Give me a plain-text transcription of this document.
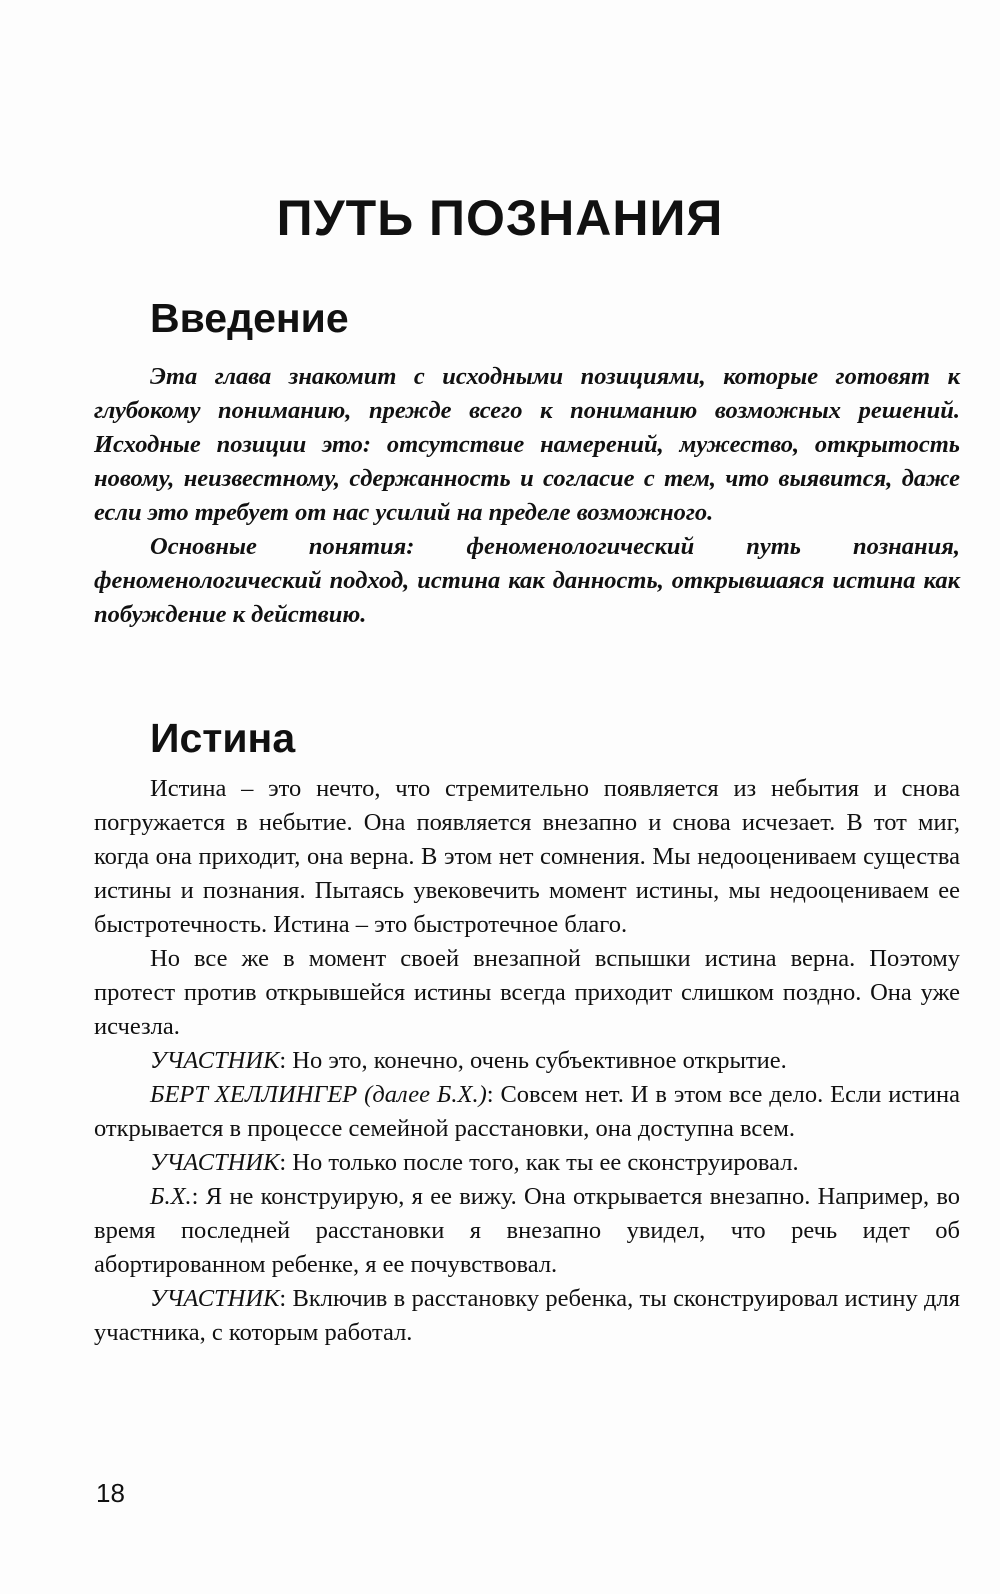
ПУТЬ ПОЗНАНИЯ
Введение

Эта глава знакомит с исходными позициями, которые готовят к глубокому пониманию, прежде всего к пониманию возможных решений. Исходные позиции это: отсутствие намерений, мужество, открытость новому, неизвестному, сдержанность и согласие с тем, что выявится, даже если это требует от нас усилий на пределе возможного.

Основные понятия: феноменологический путь познания, феноменологический подход, истина как данность, открывшаяся истина как побуждение к действию.

Истина

Истина – это нечто, что стремительно появляется из небытия и снова погружается в небытие. Она появляется внезапно и снова исчезает. В тот миг, когда она приходит, она верна. В этом нет сомнения. Мы недооцениваем существа истины и познания. Пытаясь увековечить момент истины, мы недооцениваем ее быстротечность. Истина – это быстротечное благо.

Но все же в момент своей внезапной вспышки истина верна. Поэтому протест против открывшейся истины всегда приходит слишком поздно. Она уже исчезла.

УЧАСТНИК: Но это, конечно, очень субъективное открытие.

БЕРТ ХЕЛЛИНГЕР (далее Б.Х.): Совсем нет. И в этом все дело. Если истина открывается в процессе семейной расстановки, она доступна всем.

УЧАСТНИК: Но только после того, как ты ее сконструировал.

Б.Х.: Я не конструирую, я ее вижу. Она открывается внезапно. Например, во время последней расстановки я внезапно увидел, что речь идет об абортированном ребенке, я ее почувствовал.

УЧАСТНИК: Включив в расстановку ребенка, ты сконструировал истину для участника, с которым работал.

18
